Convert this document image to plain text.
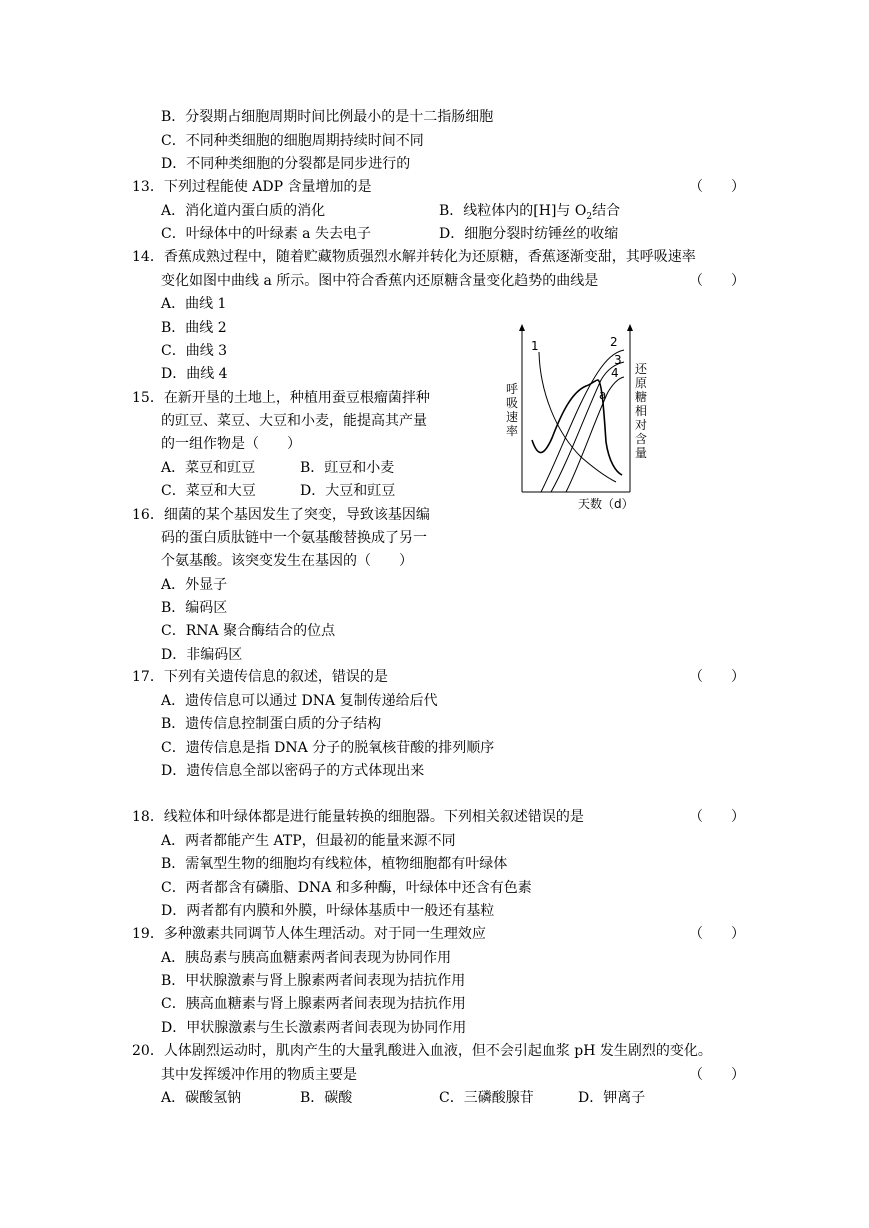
B．分裂期占细胞周期时间比例最小的是十二指肠细胞
C．不同种类细胞的细胞周期持续时间不同
D．不同种类细胞的分裂都是同步进行的
13．下列过程能使 ADP 含量增加的是	（　　）
A．消化道内蛋白质的消化	B．线粒体内的[H]与 $O_2$结合
C．叶绿体中的叶绿素 a 失去电子	D．细胞分裂时纺锤丝的收缩
14．香蕉成熟过程中，随着贮藏物质强烈水解并转化为还原糖，香蕉逐渐变甜，其呼吸速率
变化如图中曲线 a 所示。图中符合香蕉内还原糖含量变化趋势的曲线是	（　　）
A．曲线 1
B．曲线 2
C．曲线 3
D．曲线 4
1	2
3
4
a
天数（d）
呼吸速率
还原糖相对含量
15．在新开垦的土地上，种植用蚕豆根瘤菌拌种
的豇豆、菜豆、大豆和小麦，能提高其产量
的一组作物是（　　）
A．菜豆和豇豆	B．豇豆和小麦
C．菜豆和大豆	D．大豆和豇豆
16．细菌的某个基因发生了突变，导致该基因编
码的蛋白质肽链中一个氨基酸替换成了另一
个氨基酸。该突变发生在基因的（　　）
A．外显子
B．编码区
C．RNA 聚合酶结合的位点
D．非编码区
17．下列有关遗传信息的叙述，错误的是	（　　）
A．遗传信息可以通过 DNA 复制传递给后代
B．遗传信息控制蛋白质的分子结构
C．遗传信息是指 DNA 分子的脱氧核苷酸的排列顺序
D．遗传信息全部以密码子的方式体现出来
18．线粒体和叶绿体都是进行能量转换的细胞器。下列相关叙述错误的是	（　　）
A．两者都能产生 ATP，但最初的能量来源不同
B．需氧型生物的细胞均有线粒体，植物细胞都有叶绿体
C．两者都含有磷脂、DNA 和多种酶，叶绿体中还含有色素
D．两者都有内膜和外膜，叶绿体基质中一般还有基粒
19．多种激素共同调节人体生理活动。对于同一生理效应	（　　）
A．胰岛素与胰高血糖素两者间表现为协同作用
B．甲状腺激素与肾上腺素两者间表现为拮抗作用
C．胰高血糖素与肾上腺素两者间表现为拮抗作用
D．甲状腺激素与生长激素两者间表现为协同作用
20．人体剧烈运动时，肌肉产生的大量乳酸进入血液，但不会引起血浆 pH 发生剧烈的变化。
其中发挥缓冲作用的物质主要是	（　　）
A．碳酸氢钠	B．碳酸	C．三磷酸腺苷	D．钾离子
